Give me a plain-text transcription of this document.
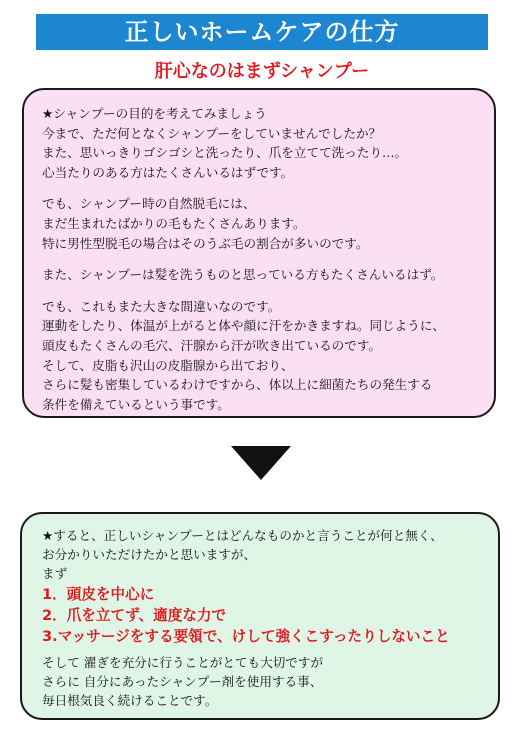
正しいホームケアの仕方
肝心なのはまずシャンプー

★シャンプーの目的を考えてみましょう

今まで、ただ何となくシャンプーをしていませんでしたか？

また、思いっきりゴシゴシと洗ったり、爪を立てて洗ったり…。

心当たりのある方はたくさんいるはずです。

でも、シャンプー時の自然脱毛には、

まだ生まれたばかりの毛もたくさんあります。

特に男性型脱毛の場合はそのうぶ毛の割合が多いのです。

また、シャンプーは髪を洗うものと思っている方もたくさんいるはず。

でも、これもまた大きな間違いなのです。

運動をしたり、体温が上がると体や顔に汗をかきますね。同じように、

頭皮もたくさんの毛穴、汗腺から汗が吹き出ているのです。

そして、皮脂も沢山の皮脂腺から出ており、

さらに髪も密集しているわけですから、体以上に細菌たちの発生する

条件を備えているという事です。

★すると、正しいシャンプーとはどんなものかと言うことが何と無く、

お分かりいただけたかと思いますが、

まず

1．頭皮を中心に

2．爪を立てず、適度な力で

3.マッサージをする要領で、けして強くこすったりしないこと

そして 濯ぎを充分に行うことがとても大切ですが

さらに 自分にあったシャンプー剤を使用する事、

毎日根気良く続けることです。
